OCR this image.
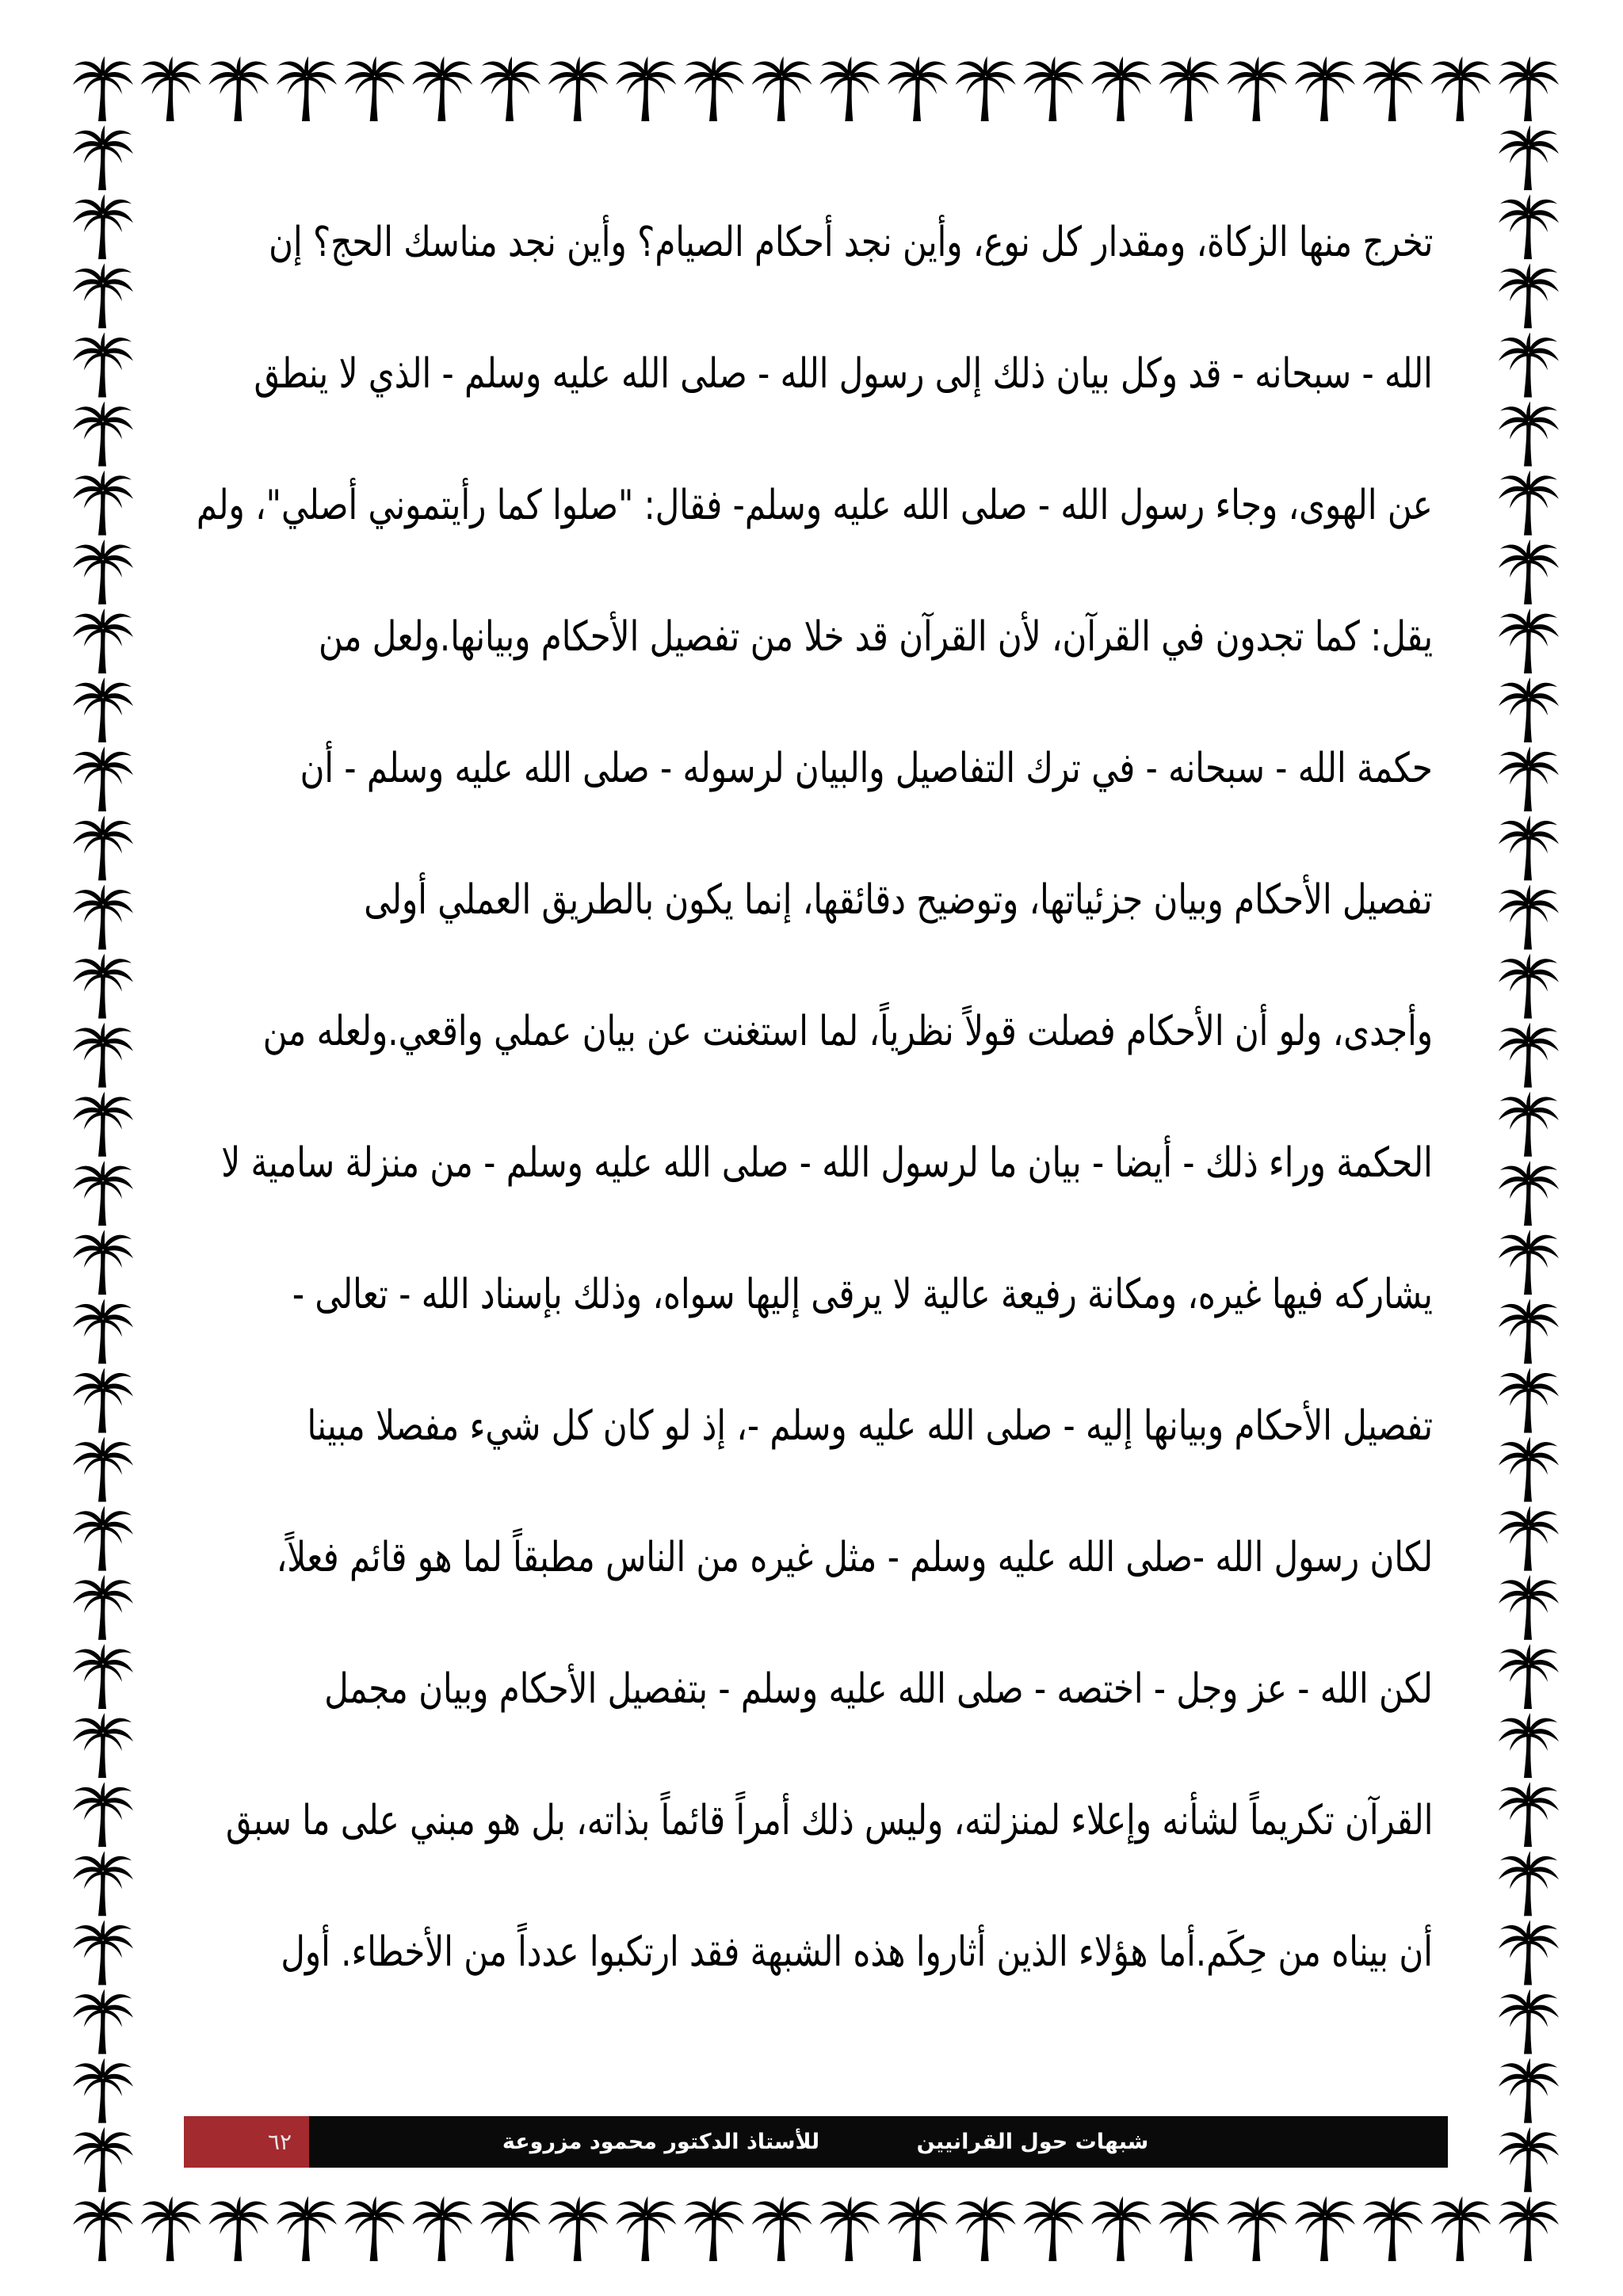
تخرج منها الزكاة، ومقدار كل نوع، وأين نجد أحكام الصيام؟ وأين نجد مناسك الحج؟ إن
الله - سبحانه - قد وكل بيان ذلك إلى رسول الله - صلى الله عليه وسلم - الذي لا ينطق
عن الهوى، وجاء رسول الله - صلى الله عليه وسلم- فقال: "صلوا كما رأيتموني أصلي"، ولم
يقل: كما تجدون في القرآن، لأن القرآن قد خلا من تفصيل الأحكام وبيانها.ولعل من
حكمة الله - سبحانه - في ترك التفاصيل والبيان لرسوله - صلى الله عليه وسلم - أن
تفصيل الأحكام وبيان جزئياتها، وتوضيح دقائقها، إنما يكون بالطريق العملي أولى
وأجدى، ولو أن الأحكام فصلت قولاً نظرياً، لما استغنت عن بيان عملي واقعي.ولعله من
الحكمة وراء ذلك - أيضا - بيان ما لرسول الله - صلى الله عليه وسلم - من منزلة سامية لا
يشاركه فيها غيره، ومكانة رفيعة عالية لا يرقى إليها سواه، وذلك بإسناد الله - تعالى -
تفصيل الأحكام وبيانها إليه - صلى الله عليه وسلم -، إذ لو كان كل شيء مفصلا مبينا
لكان رسول الله -صلى الله عليه وسلم - مثل غيره من الناس مطبقاً لما هو قائم فعلاً،
لكن الله - عز وجل - اختصه - صلى الله عليه وسلم - بتفصيل الأحكام وبيان مجمل
القرآن تكريماً لشأنه وإعلاء لمنزلته، وليس ذلك أمراً قائماً بذاته، بل هو مبني على ما سبق
أن بيناه من حِكَم.أما هؤلاء الذين أثاروا هذه الشبهة فقد ارتكبوا عدداً من الأخطاء. أول
٦٢	للأستاذ الدكتور محمود مزروعة	شبهات حول القرانيين
